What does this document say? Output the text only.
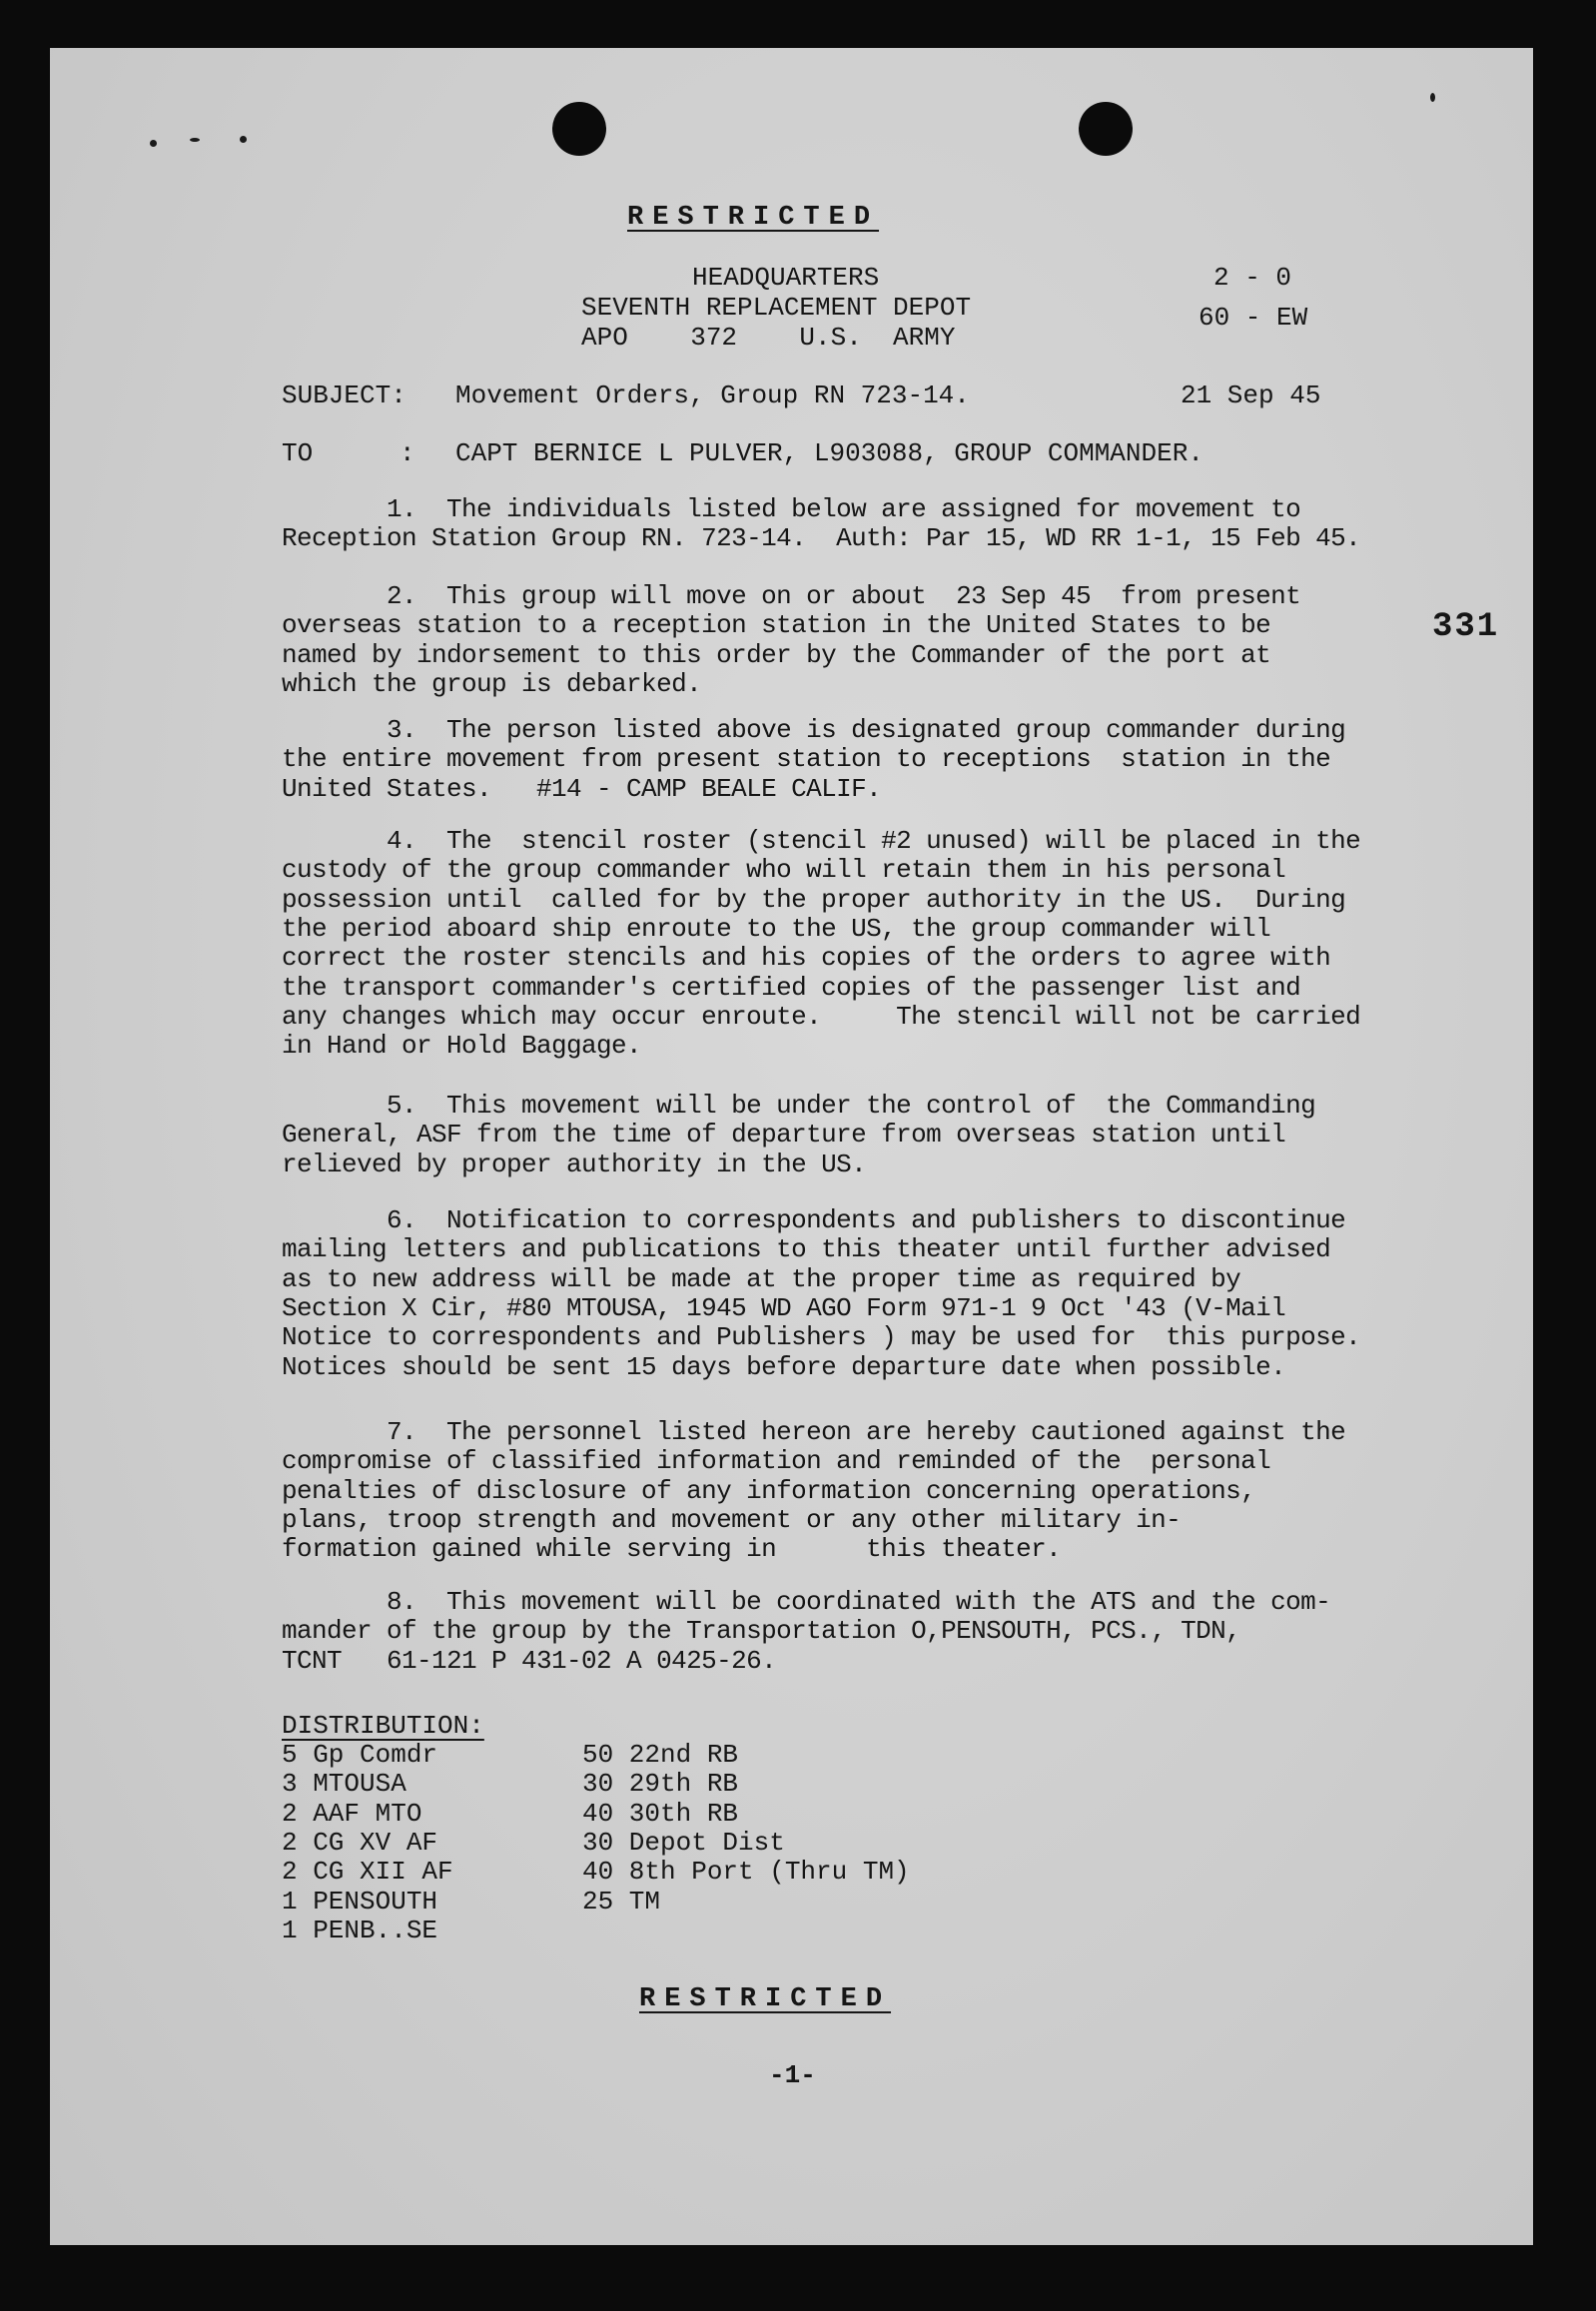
RESTRICTED
HEADQUARTERS
SEVENTH REPLACEMENT DEPOT
APO    372    U.S.  ARMY
2 - 0
60 - EW
SUBJECT: Movement Orders, Group RN 723-14.	21 Sep 45
TO	: CAPT BERNICE L PULVER, L903088, GROUP COMMANDER.
331
1.  The individuals listed below are assigned for movement to
Reception Station Group RN. 723-14.  Auth: Par 15, WD RR 1-1, 15 Feb 45.
2.  This group will move on or about  23 Sep 45  from present
overseas station to a reception station in the United States to be
named by indorsement to this order by the Commander of the port at
which the group is debarked.
3.  The person listed above is designated group commander during
the entire movement from present station to receptions  station in the
United States.   #14 - CAMP BEALE CALIF.
4.  The  stencil roster (stencil #2 unused) will be placed in the
custody of the group commander who will retain them in his personal
possession until  called for by the proper authority in the US.  During
the period aboard ship enroute to the US, the group commander will
correct the roster stencils and his copies of the orders to agree with
the transport commander's certified copies of the passenger list and
any changes which may occur enroute.     The stencil will not be carried
in Hand or Hold Baggage.
5.  This movement will be under the control of  the Commanding
General, ASF from the time of departure from overseas station until
relieved by proper authority in the US.
6.  Notification to correspondents and publishers to discontinue
mailing letters and publications to this theater until further advised
as to new address will be made at the proper time as required by
Section X Cir, #80 MTOUSA, 1945 WD AGO Form 971-1 9 Oct '43 (V-Mail
Notice to correspondents and Publishers ) may be used for  this purpose.
Notices should be sent 15 days before departure date when possible.
7.  The personnel listed hereon are hereby cautioned against the
compromise of classified information and reminded of the  personal
penalties of disclosure of any information concerning operations,
plans, troop strength and movement or any other military in-
formation gained while serving in      this theater.
8.  This movement will be coordinated with the ATS and the com-
mander of the group by the Transportation O,PENSOUTH, PCS., TDN,
TCNT   61-121 P 431-02 A 0425-26.
DISTRIBUTION:
5 Gp Comdr
3 MTOUSA
2 AAF MTO
2 CG XV AF
2 CG XII AF
1 PENSOUTH
1 PENB..SE
50 22nd RB
30 29th RB
40 30th RB
30 Depot Dist
40 8th Port (Thru TM)
25 TM
RESTRICTED
-1-
